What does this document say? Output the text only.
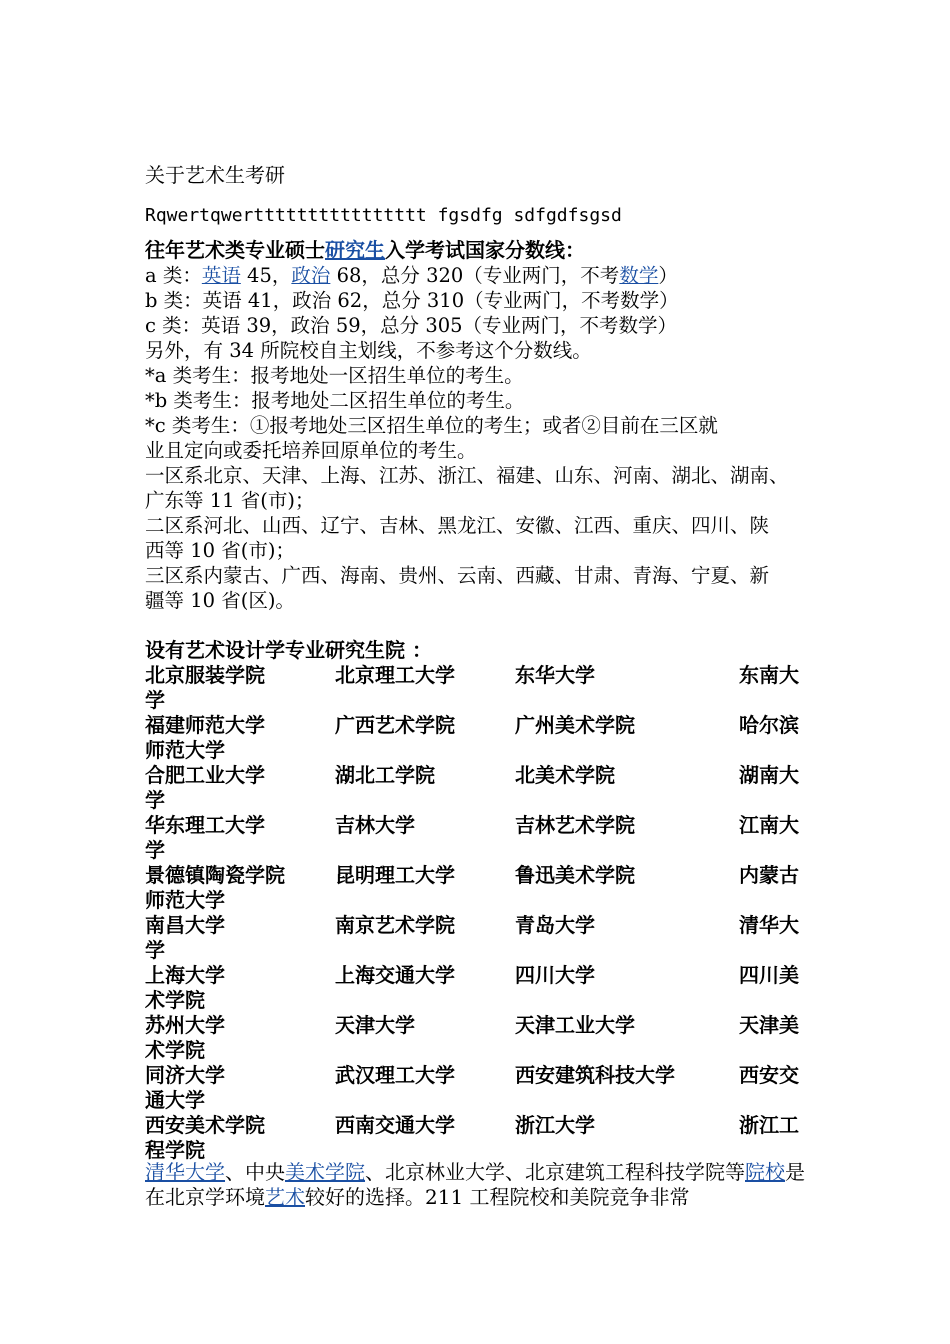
关于艺术生考研
Rqwertqwertttttttttttttttt fgsdfg sdfgdfsgsd
往年艺术类专业硕士研究生入学考试国家分数线：
a 类：英语 45，政治 68，总分 320（专业两门，不考数学）
b 类：英语 41，政治 62，总分 310（专业两门，不考数学）
c 类：英语 39，政治 59，总分 305（专业两门，不考数学）
另外，有 34 所院校自主划线，不参考这个分数线。
*a 类考生：报考地处一区招生单位的考生。
*b 类考生：报考地处二区招生单位的考生。
*c 类考生：①报考地处三区招生单位的考生；或者②目前在三区就
业且定向或委托培养回原单位的考生。
一区系北京、天津、上海、江苏、浙江、福建、山东、河南、湖北、湖南、
广东等 11 省(市)；
二区系河北、山西、辽宁、吉林、黑龙江、安徽、江西、重庆、四川、陕
西等 10 省(市)；
三区系内蒙古、广西、海南、贵州、云南、西藏、甘肃、青海、宁夏、新
疆等 10 省(区)。
设有艺术设计学专业研究生院 ：
北京服装学院	北京理工大学	东华大学	东南大
学
福建师范大学	广西艺术学院	广州美术学院	哈尔滨
师范大学
合肥工业大学	湖北工学院	北美术学院	湖南大
学
华东理工大学	吉林大学	吉林艺术学院	江南大
学
景德镇陶瓷学院	昆明理工大学	鲁迅美术学院	内蒙古
师范大学
南昌大学	南京艺术学院	青岛大学	清华大
学
上海大学	上海交通大学	四川大学	四川美
术学院
苏州大学	天津大学	天津工业大学	天津美
术学院
同济大学	武汉理工大学	西安建筑科技大学	西安交
通大学
西安美术学院	西南交通大学	浙江大学	浙江工
程学院
清华大学、中央美术学院、北京林业大学、北京建筑工程科技学院等院校是在北京学环境艺术较好的选择。211 工程院校和美院竞争非常
